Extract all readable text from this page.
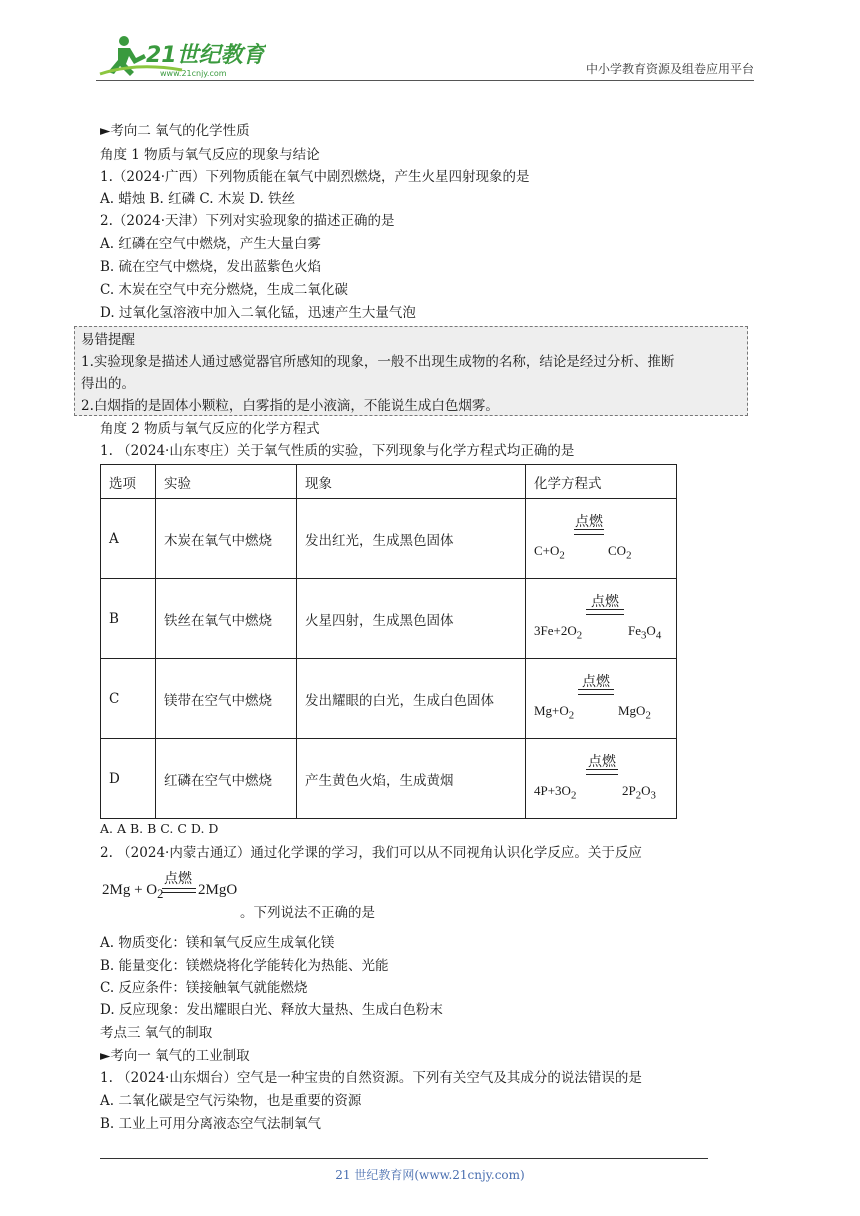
21世纪教育
www.21cnjy.com	中小学教育资源及组卷应用平台
►考向二 氧气的化学性质
角度 1 物质与氧气反应的现象与结论
1.（2024·广西）下列物质能在氧气中剧烈燃烧，产生火星四射现象的是
A. 蜡烛 B. 红磷 C. 木炭 D. 铁丝
2.（2024·天津）下列对实验现象的描述正确的是
A. 红磷在空气中燃烧，产生大量白雾
B. 硫在空气中燃烧，发出蓝紫色火焰
C. 木炭在空气中充分燃烧，生成二氧化碳
D. 过氧化氢溶液中加入二氧化锰，迅速产生大量气泡
易错提醒
1.实验现象是描述人通过感觉器官所感知的现象，一般不出现生成物的名称，结论是经过分析、推断
得出的。
2.白烟指的是固体小颗粒，白雾指的是小液滴，不能说生成白色烟雾。
角度 2 物质与氧气反应的化学方程式
1. （2024·山东枣庄）关于氧气性质的实验，下列现象与化学方程式均正确的是
选项	实验	现象	化学方程式
A	木炭在氧气中燃烧	发出红光，生成黑色固体	点燃
$C+O_2$ $CO_2$

B	铁丝在氧气中燃烧	火星四射，生成黑色固体	点燃
$3Fe+2O_2$ $Fe_3O_4$

C	镁带在空气中燃烧	发出耀眼的白光，生成白色固体	点燃
$Mg+O_2$ MgO$_2$

D	红磷在空气中燃烧	产生黄色火焰，生成黄烟	点燃
$4P+3O_2$ $2P_2O_3$
A. A B. B C. C D. D
2. （2024·内蒙古通辽）通过化学课的学习，我们可以从不同视角认识化学反应。关于反应
点燃
$2Mg + O_2$ 2MgO
。下列说法不正确的是
A. 物质变化：镁和氧气反应生成氧化镁
B. 能量变化：镁燃烧将化学能转化为热能、光能
C. 反应条件：镁接触氧气就能燃烧
D. 反应现象：发出耀眼白光、释放大量热、生成白色粉末
考点三 氧气的制取
►考向一 氧气的工业制取
1. （2024·山东烟台）空气是一种宝贵的自然资源。下列有关空气及其成分的说法错误的是
A. 二氧化碳是空气污染物，也是重要的资源
B. 工业上可用分离液态空气法制氧气
21 世纪教育网(www.21cnjy.com)
